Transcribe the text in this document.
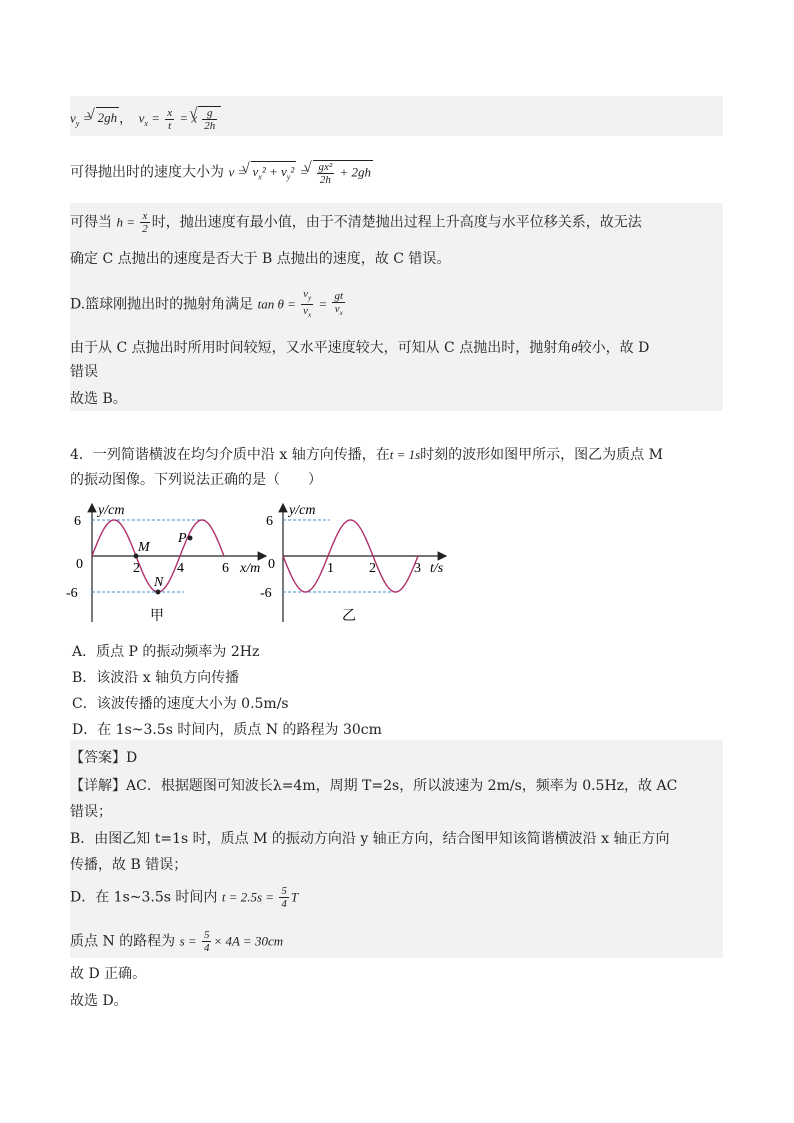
$v_y$ = √ 2gh ，　$v_x = \frac{x}{t} = x$ √ $\frac{g}{2h}$
可得抛出时的速度大小为 v = √ $v_x^2 + v_y^2$ = √ $\frac{\text{gx²}}{2h} + 2gh$
可得当 $h = \frac{x}{2}$ 时，抛出速度有最小值，由于不清楚抛出过程上升高度与水平位移关系，故无法
确定 C 点抛出的速度是否大于 B 点抛出的速度，故 C 错误。
D.篮球刚抛出时的抛射角满足 $\tan \theta = \frac{v_y}{v_x} = \frac{gt}{v_x}$
由于从 C 点抛出时所用时间较短，又水平速度较大，可知从 C 点抛出时，抛射角θ较小，故 D
错误
故选 B。
4．一列简谐横波在均匀介质中沿 x 轴方向传播，在t = 1s时刻的波形如图甲所示，图乙为质点 M
的振动图像。下列说法正确的是（　　）
y/cm
x/m
6
0
-6
2	4	6
M
N
P
甲
y/cm
t/s
6
0
-6
1	2	3
乙
A．质点 P 的振动频率为 2Hz
B．该波沿 x 轴负方向传播
C．该波传播的速度大小为 0.5m/s
D．在 1s~3.5s 时间内，质点 N 的路程为 30cm
【答案】D
【详解】AC．根据题图可知波长λ=4m，周期 T=2s，所以波速为 2m/s，频率为 0.5Hz，故 AC
错误；
B．由图乙知 t=1s 时，质点 M 的振动方向沿 y 轴正方向，结合图甲知该简谐横波沿 x 轴正方向
传播，故 B 错误；
D．在 1s~3.5s 时间内 $t = 2.5s = \frac{5}{4}$ T
质点 N 的路程为 $s = \frac{5}{4} \times 4A = 30cm$
故 D 正确。
故选 D。
